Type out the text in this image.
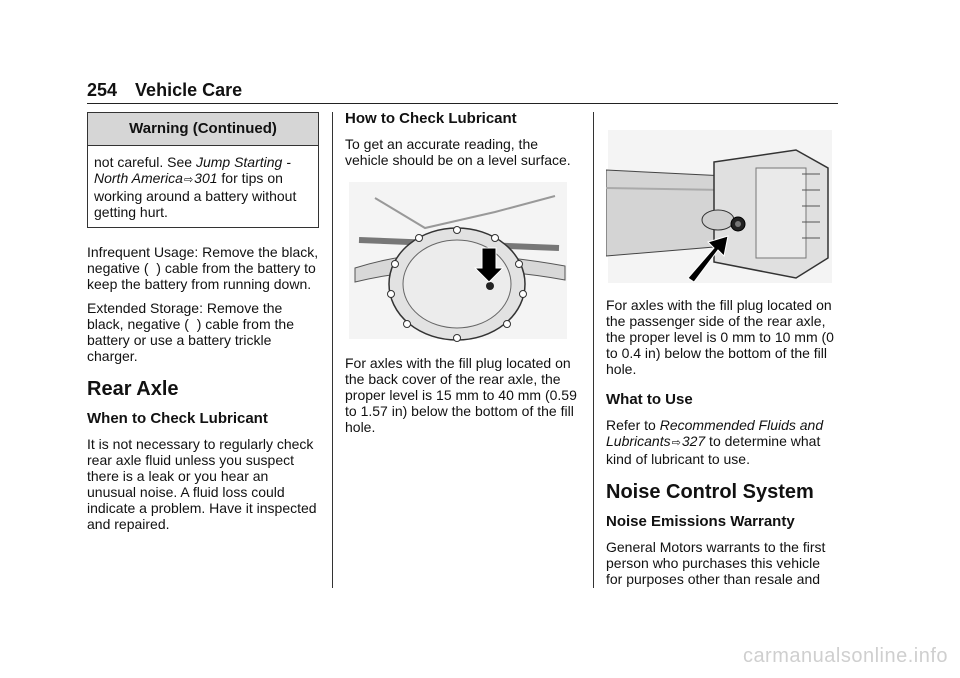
254 Vehicle Care
Warning (Continued)
not careful. See Jump Starting - North America⇨301 for tips on working around a battery without getting hurt.

Infrequent Usage: Remove the black, negative (  ) cable from the battery to keep the battery from running down.

Extended Storage: Remove the black, negative (  ) cable from the battery or use a battery trickle charger.

Rear Axle
When to Check Lubricant

It is not necessary to regularly check rear axle fluid unless you suspect there is a leak or you hear an unusual noise. A fluid loss could indicate a problem. Have it inspected and repaired.

How to Check Lubricant

To get an accurate reading, the vehicle should be on a level surface.

For axles with the fill plug located on the back cover of the rear axle, the proper level is 15 mm to 40 mm (0.59 to 1.57 in) below the bottom of the fill hole.

For axles with the fill plug located on the passenger side of the rear axle, the proper level is 0 mm to 10 mm (0 to 0.4 in) below the bottom of the fill hole.

What to Use

Refer to Recommended Fluids and Lubricants⇨327 to determine what kind of lubricant to use.

Noise Control System
Noise Emissions Warranty

General Motors warrants to the first person who purchases this vehicle for purposes other than resale and

carmanualsonline.info
